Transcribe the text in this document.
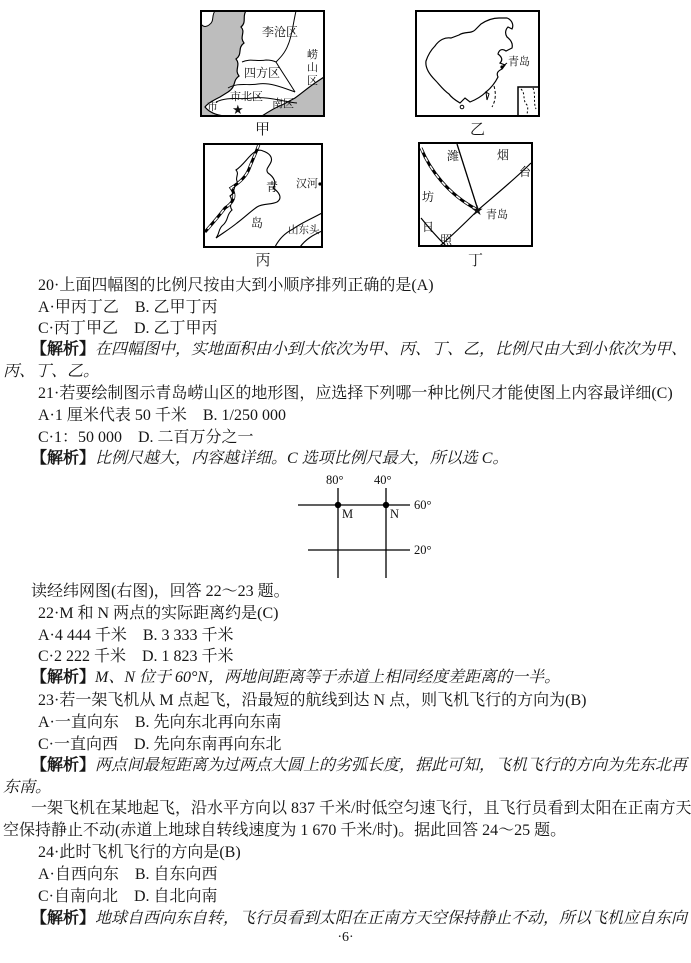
李沧区
崂山区
四方区
市北区
市	南区
★
甲
青岛
乙
青
岛
汉河
山东头
丙
潍	烟
台
坊
日
照
青岛
★
丁
80° 40°
60°
20°
M	N
20·上面四幅图的比例尺按由大到小顺序排列正确的是(A)
A·甲丙丁乙　B. 乙甲丁丙
C·丙丁甲乙　D. 乙丁甲丙
【解析】在四幅图中，实地面积由小到大依次为甲、丙、丁、乙，比例尺由大到小依次为甲、
丙、丁、乙。
21·若要绘制图示青岛崂山区的地形图，应选择下列哪一种比例尺才能使图上内容最详细(C)
A·1 厘米代表 50 千米　B. 1/250 000
C·1：50 000　D. 二百万分之一
【解析】比例尺越大，内容越详细。C 选项比例尺最大，所以选 C。
读经纬网图(右图)，回答 22～23 题。
22·M 和 N 两点的实际距离约是(C)
A·4 444 千米　B. 3 333 千米
C·2 222 千米　D. 1 823 千米
【解析】M、N 位于 60°N，两地间距离等于赤道上相同经度差距离的一半。
23·若一架飞机从 M 点起飞，沿最短的航线到达 N 点，则飞机飞行的方向为(B)
A·一直向东　B. 先向东北再向东南
C·一直向西　D. 先向东南再向东北
【解析】两点间最短距离为过两点大圆上的劣弧长度，据此可知，飞机飞行的方向为先东北再
东南。
一架飞机在某地起飞，沿水平方向以 837 千米/时低空匀速飞行，且飞行员看到太阳在正南方天
空保持静止不动(赤道上地球自转线速度为 1 670 千米/时)。据此回答 24～25 题。
24·此时飞机飞行的方向是(B)
A·自西向东　B. 自东向西
C·自南向北　D. 自北向南
【解析】地球自西向东自转，飞行员看到太阳在正南方天空保持静止不动，所以飞机应自东向
·6·
